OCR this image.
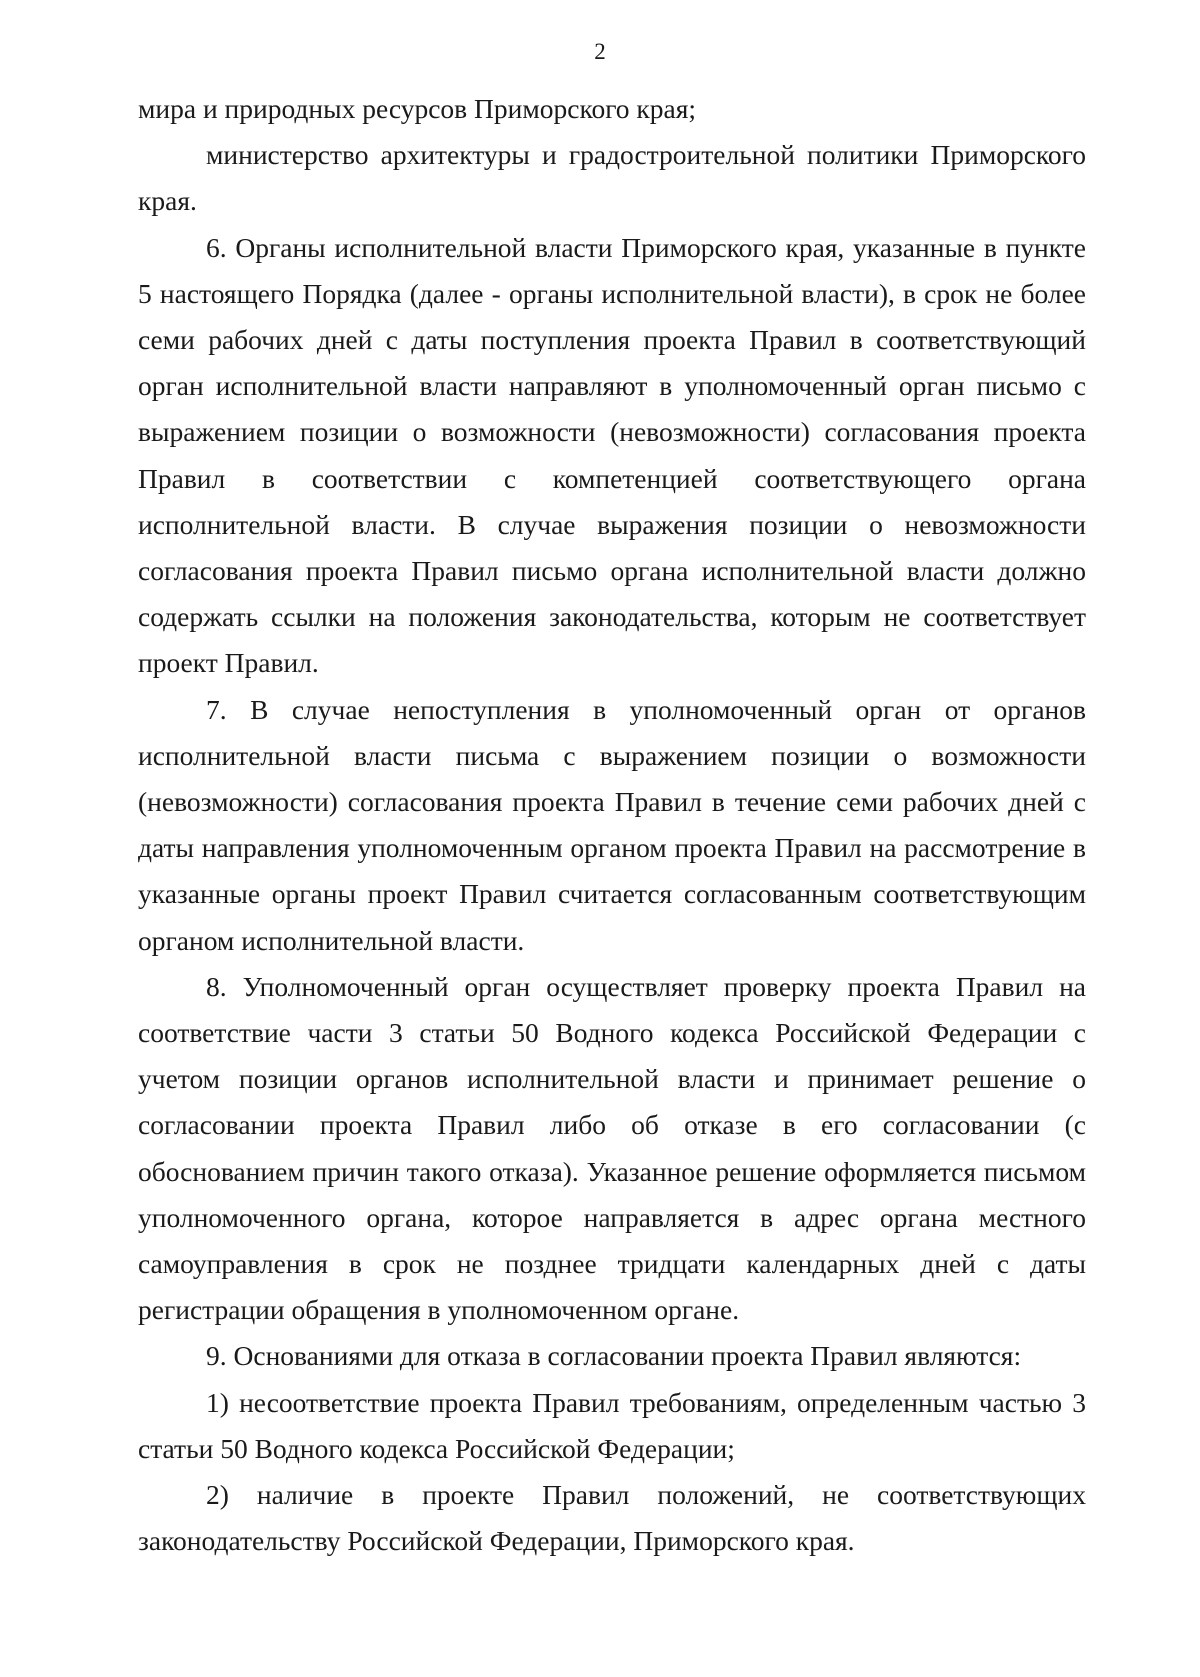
2

мира и природных ресурсов Приморского края;

министерство архитектуры и градостроительной политики Приморского края.

6. Органы исполнительной власти Приморского края, указанные в пункте 5 настоящего Порядка (далее - органы исполнительной власти), в срок не более семи рабочих дней с даты поступления проекта Правил в соответствующий орган исполнительной власти направляют в уполномоченный орган письмо с выражением позиции о возможности (невозможности) согласования проекта Правил в соответствии с компетенцией соответствующего органа исполнительной власти. В случае выражения позиции о невозможности согласования проекта Правил письмо органа исполнительной власти должно содержать ссылки на положения законодательства, которым не соответствует проект Правил.

7. В случае непоступления в уполномоченный орган от органов исполнительной власти письма с выражением позиции о возможности (невозможности) согласования проекта Правил в течение семи рабочих дней с даты направления уполномоченным органом проекта Правил на рассмотрение в указанные органы проект Правил считается согласованным соответствующим органом исполнительной власти.

8. Уполномоченный орган осуществляет проверку проекта Правил на соответствие части 3 статьи 50 Водного кодекса Российской Федерации с учетом позиции органов исполнительной власти и принимает решение о согласовании проекта Правил либо об отказе в его согласовании (с обоснованием причин такого отказа). Указанное решение оформляется письмом уполномоченного органа, которое направляется в адрес органа местного самоуправления в срок не позднее тридцати календарных дней с даты регистрации обращения в уполномоченном органе.

9. Основаниями для отказа в согласовании проекта Правил являются:

1) несоответствие проекта Правил требованиям, определенным частью 3 статьи 50 Водного кодекса Российской Федерации;

2) наличие в проекте Правил положений, не соответствующих законодательству Российской Федерации, Приморского края.
